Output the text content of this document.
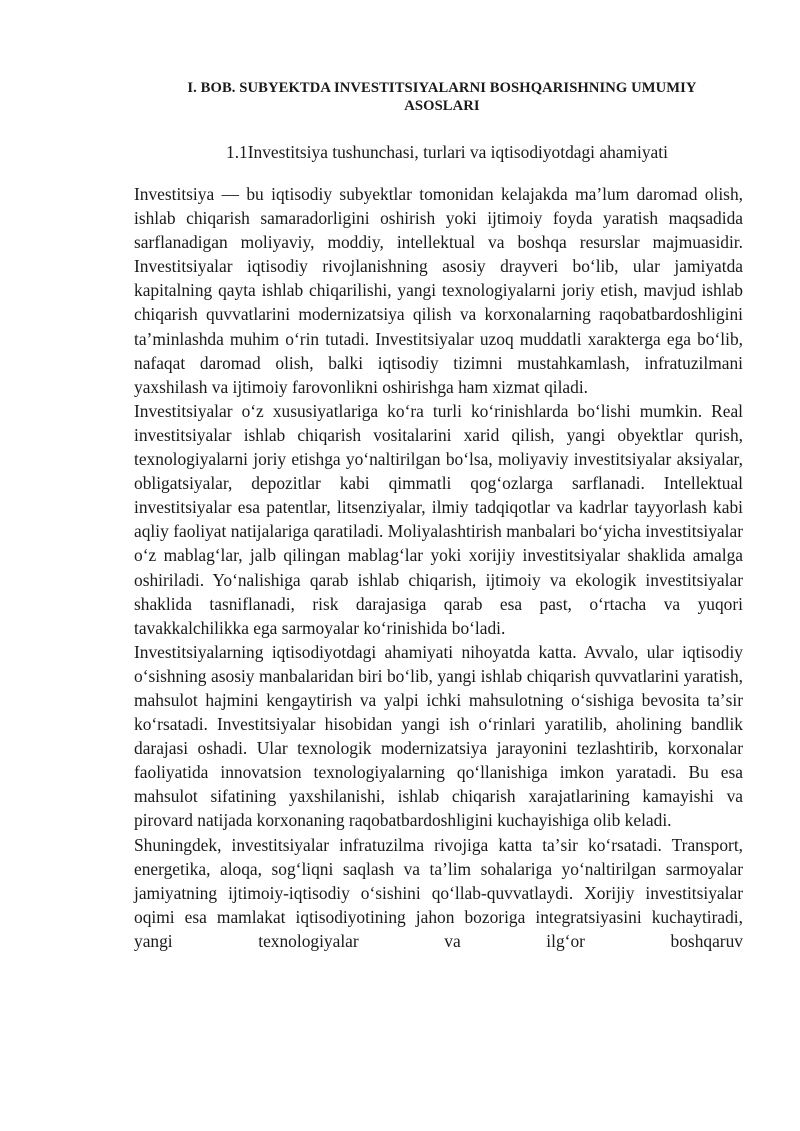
I. BOB. SUBYEKTDA INVESTITSIYALARNI BOSHQARISHNING UMUMIY ASOSLARI
1.1Investitsiya tushunchasi, turlari va iqtisodiyotdagi ahamiyati

Investitsiya — bu iqtisodiy subyektlar tomonidan kelajakda ma’lum daromad olish, ishlab chiqarish samaradorligini oshirish yoki ijtimoiy foyda yaratish maqsadida sarflanadigan moliyaviy, moddiy, intellektual va boshqa resurslar majmuasidir. Investitsiyalar iqtisodiy rivojlanishning asosiy drayveri boʻlib, ular jamiyatda kapitalning qayta ishlab chiqarilishi, yangi texnologiyalarni joriy etish, mavjud ishlab chiqarish quvvatlarini modernizatsiya qilish va korxonalarning raqobatbardoshligini taʼminlashda muhim oʻrin tutadi. Investitsiyalar uzoq muddatli xarakterga ega boʻlib, nafaqat daromad olish, balki iqtisodiy tizimni mustahkamlash, infratuzilmani yaxshilash va ijtimoiy farovonlikni oshirishga ham xizmat qiladi.

Investitsiyalar oʻz xususiyatlariga koʻra turli koʻrinishlarda boʻlishi mumkin. Real investitsiyalar ishlab chiqarish vositalarini xarid qilish, yangi obyektlar qurish, texnologiyalarni joriy etishga yoʻnaltirilgan boʻlsa, moliyaviy investitsiyalar aksiyalar, obligatsiyalar, depozitlar kabi qimmatli qogʻozlarga sarflanadi. Intellektual investitsiyalar esa patentlar, litsenziyalar, ilmiy tadqiqotlar va kadrlar tayyorlash kabi aqliy faoliyat natijalariga qaratiladi. Moliyalashtirish manbalari boʻyicha investitsiyalar oʻz mablagʻlar, jalb qilingan mablagʻlar yoki xorijiy investitsiyalar shaklida amalga oshiriladi. Yoʻnalishiga qarab ishlab chiqarish, ijtimoiy va ekologik investitsiyalar shaklida tasniflanadi, risk darajasiga qarab esa past, oʻrtacha va yuqori tavakkalchilikka ega sarmoyalar koʻrinishida boʻladi.

Investitsiyalarning iqtisodiyotdagi ahamiyati nihoyatda katta. Avvalo, ular iqtisodiy oʻsishning asosiy manbalaridan biri boʻlib, yangi ishlab chiqarish quvvatlarini yaratish, mahsulot hajmini kengaytirish va yalpi ichki mahsulotning oʻsishiga bevosita taʼsir koʻrsatadi. Investitsiyalar hisobidan yangi ish oʻrinlari yaratilib, aholining bandlik darajasi oshadi. Ular texnologik modernizatsiya jarayonini tezlashtirib, korxonalar faoliyatida innovatsion texnologiyalarning qoʻllanishiga imkon yaratadi. Bu esa mahsulot sifatining yaxshilanishi, ishlab chiqarish xarajatlarining kamayishi va pirovard natijada korxonaning raqobatbardoshligini kuchayishiga olib keladi.

Shuningdek, investitsiyalar infratuzilma rivojiga katta taʼsir koʻrsatadi. Transport, energetika, aloqa, sogʻliqni saqlash va taʼlim sohalariga yoʻnaltirilgan sarmoyalar jamiyatning ijtimoiy-iqtisodiy oʻsishini qoʻllab-quvvatlaydi. Xorijiy investitsiyalar oqimi esa mamlakat iqtisodiyotining jahon bozoriga integratsiyasini kuchaytiradi, yangi texnologiyalar va ilgʻor boshqaruv
